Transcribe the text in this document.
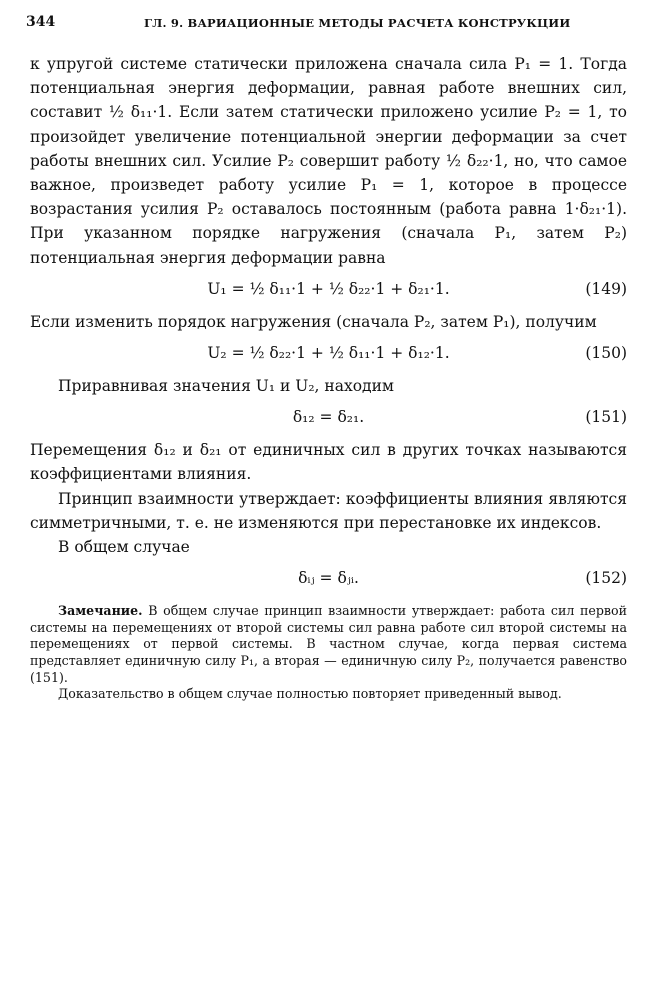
344	ГЛ. 9. ВАРИАЦИОННЫЕ МЕТОДЫ РАСЧЕТА КОНСТРУКЦИИ

к упругой системе статически приложена сначала сила P₁ = 1. Тогда потенциальная энергия деформации, равная работе внешних сил, составит ½ δ₁₁·1. Если затем статически приложено усилие P₂ = 1, то произойдет увеличение потенциальной энергии деформации за счет работы внешних сил. Усилие P₂ совершит работу ½ δ₂₂·1, но, что самое важное, произведет работу усилие P₁ = 1, которое в процессе возрастания усилия P₂ оставалось постоянным (работа равна 1·δ₂₁·1). При указанном порядке нагружения (сначала P₁, затем P₂) потенциальная энергия деформации равна

U₁ = ½ δ₁₁·1 + ½ δ₂₂·1 + δ₂₁·1.	(149)

Если изменить порядок нагружения (сначала P₂, затем P₁), получим

U₂ = ½ δ₂₂·1 + ½ δ₁₁·1 + δ₁₂·1.	(150)

Приравнивая значения U₁ и U₂, находим

δ₁₂ = δ₂₁.	(151)

Перемещения δ₁₂ и δ₂₁ от единичных сил в других точках называются коэффициентами влияния.

Принцип взаимности утверждает: коэффициенты влияния являются симметричными, т. е. не изменяются при перестановке их индексов.

В общем случае

δᵢⱼ = δⱼᵢ.	(152)

Замечание. В общем случае принцип взаимности утверждает: работа сил первой системы на перемещениях от второй системы сил равна работе сил второй системы на перемещениях от первой системы. В частном случае, когда первая система представляет единичную силу P₁, а вторая — единичную силу P₂, получается равенство (151).

Доказательство в общем случае полностью повторяет приведенный вывод.
